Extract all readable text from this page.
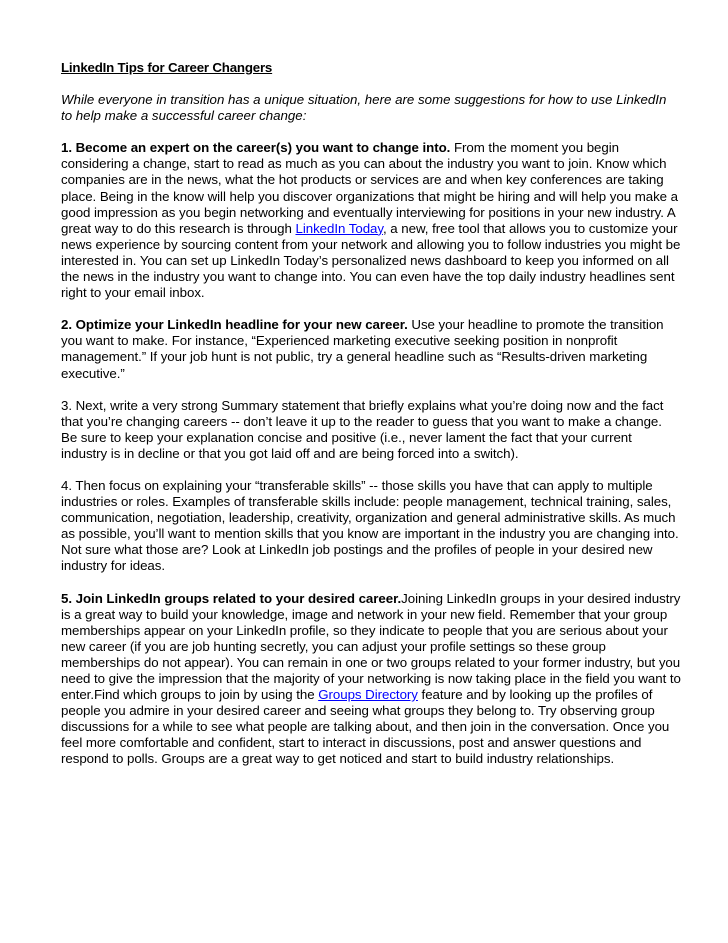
LinkedIn Tips for Career Changers

While everyone in transition has a unique situation, here are some suggestions for how to use LinkedIn to help make a successful career change:

1. Become an expert on the career(s) you want to change into. From the moment you begin considering a change, start to read as much as you can about the industry you want to join. Know which companies are in the news, what the hot products or services are and when key conferences are taking place. Being in the know will help you discover organizations that might be hiring and will help you make a good impression as you begin networking and eventually interviewing for positions in your new industry. A great way to do this research is through LinkedIn Today, a new, free tool that allows you to customize your news experience by sourcing content from your network and allowing you to follow industries you might be interested in. You can set up LinkedIn Today’s personalized news dashboard to keep you informed on all the news in the industry you want to change into. You can even have the top daily industry headlines sent right to your email inbox.

2. Optimize your LinkedIn headline for your new career. Use your headline to promote the transition you want to make. For instance, “Experienced marketing executive seeking position in nonprofit management.” If your job hunt is not public, try a general headline such as “Results-driven marketing executive.”

3. Next, write a very strong Summary statement that briefly explains what you’re doing now and the fact that you’re changing careers -- don’t leave it up to the reader to guess that you want to make a change. Be sure to keep your explanation concise and positive (i.e., never lament the fact that your current industry is in decline or that you got laid off and are being forced into a switch).

4. Then focus on explaining your “transferable skills” -- those skills you have that can apply to multiple industries or roles. Examples of transferable skills include: people management, technical training, sales, communication, negotiation, leadership, creativity, organization and general administrative skills. As much as possible, you’ll want to mention skills that you know are important in the industry you are changing into. Not sure what those are? Look at LinkedIn job postings and the profiles of people in your desired new industry for ideas.

5. Join LinkedIn groups related to your desired career.Joining LinkedIn groups in your desired industry is a great way to build your knowledge, image and network in your new field. Remember that your group memberships appear on your LinkedIn profile, so they indicate to people that you are serious about your new career (if you are job hunting secretly, you can adjust your profile settings so these group memberships do not appear). You can remain in one or two groups related to your former industry, but you need to give the impression that the majority of your networking is now taking place in the field you want to enter.Find which groups to join by using the Groups Directory feature and by looking up the profiles of people you admire in your desired career and seeing what groups they belong to. Try observing group discussions for a while to see what people are talking about, and then join in the conversation. Once you feel more comfortable and confident, start to interact in discussions, post and answer questions and respond to polls. Groups are a great way to get noticed and start to build industry relationships.
